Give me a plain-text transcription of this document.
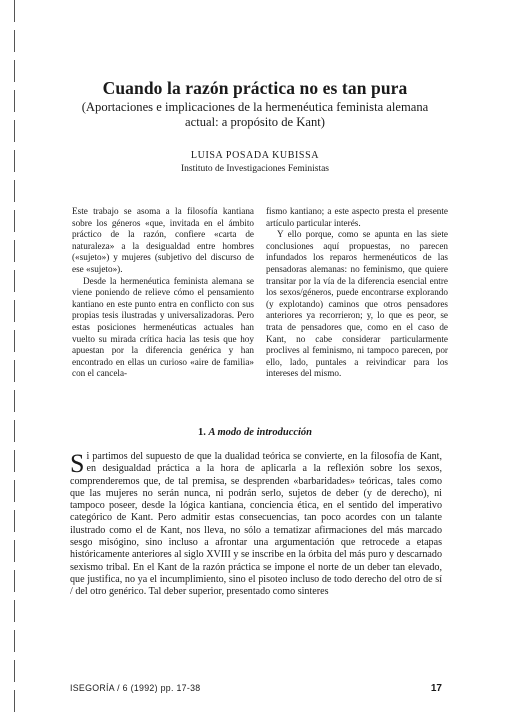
Cuando la razón práctica no es tan pura

(Aportaciones e implicaciones de la hermenéutica feminista alemana actual: a propósito de Kant)

LUISA POSADA KUBISSA

Instituto de Investigaciones Feministas

Este trabajo se asoma a la filosofía kantiana sobre los géneros «que, invitada en el ámbito práctico de la razón, confiere «carta de naturaleza» a la desigualdad entre hombres («sujeto») y mujeres (subjetivo del discurso de ese «sujeto»).

Desde la hermenéutica feminista alemana se viene poniendo de relieve cómo el pensamiento kantiano en este punto entra en conflicto con sus propias tesis ilustradas y universalizadoras. Pero estas posiciones hermenéuticas actuales han vuelto su mirada crítica hacia las tesis que hoy apuestan por la diferencia genérica y han encontrado en ellas un curioso «aire de familia» con el cancela-

fismo kantiano; a este aspecto presta el presente artículo particular interés.

Y ello porque, como se apunta en las siete conclusiones aquí propuestas, no parecen infundados los reparos hermenéuticos de las pensadoras alemanas: no feminismo, que quiere transitar por la vía de la diferencia esencial entre los sexos/géneros, puede encontrarse explorando (y explotando) caminos que otros pensadores anteriores ya recorrieron; y, lo que es peor, se trata de pensadores que, como en el caso de Kant, no cabe considerar particularmente proclives al feminismo, ni tampoco parecen, por ello, lado, puntales a reivindicar para los intereses del mismo.

1. A modo de introducción

Si partimos del supuesto de que la dualidad teórica se convierte, en la filosofía de Kant, en desigualdad práctica a la hora de aplicarla a la reflexión sobre los sexos, comprenderemos que, de tal premisa, se desprenden «barbaridades» teóricas, tales como que las mujeres no serán nunca, ni podrán serlo, sujetos de deber (y de derecho), ni tampoco poseer, desde la lógica kantiana, conciencia ética, en el sentido del imperativo categórico de Kant. Pero admitir estas consecuencias, tan poco acordes con un talante ilustrado como el de Kant, nos lleva, no sólo a tematizar afirmaciones del más marcado sesgo misógino, sino incluso a afrontar una argumentación que retrocede a etapas históricamente anteriores al siglo XVIII y se inscribe en la órbita del más puro y descarnado sexismo tribal. En el Kant de la razón práctica se impone el norte de un deber tan elevado, que justifica, no ya el incumplimiento, sino el pisoteo incluso de todo derecho del otro de sí / del otro genérico. Tal deber superior, presentado como sinteres

ISEGORÍA / 6 (1992) pp. 17-38	17
